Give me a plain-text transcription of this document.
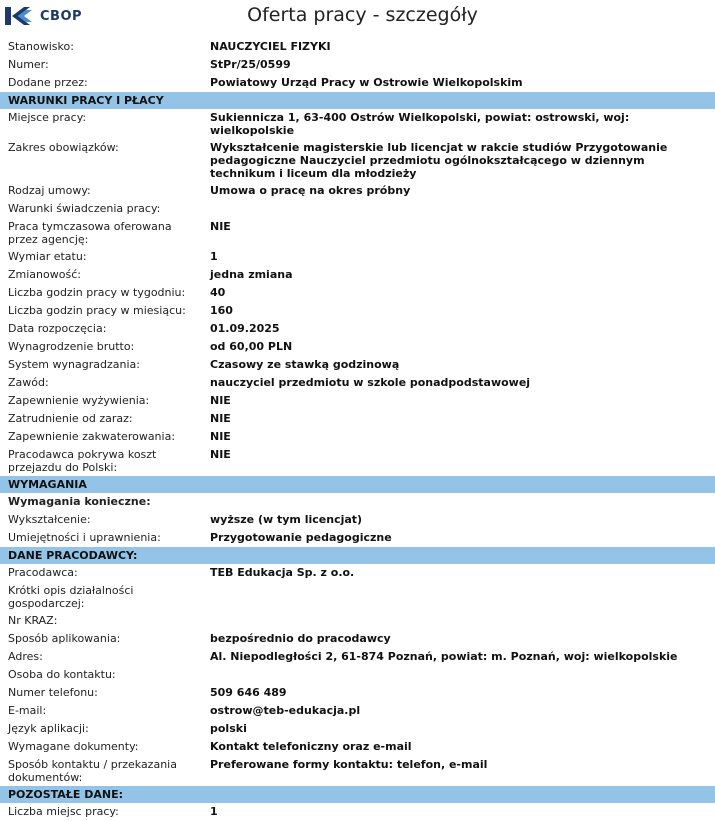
CBOP	Oferta pracy - szczegóły
Stanowisko:	NAUCZYCIEL FIZYKI
Numer:	StPr/25/0599
Dodane przez:	Powiatowy Urząd Pracy w Ostrowie Wielkopolskim
WARUNKI PRACY I PŁACY	
Miejsce pracy:	Sukiennicza 1, 63-400 Ostrów Wielkopolski, powiat: ostrowski, woj: wielkopolskie
Zakres obowiązków:	Wykształcenie magisterskie lub licencjat w rakcie studiów Przygotowanie pedagogiczne Nauczyciel przedmiotu ogólnokształcącego w dziennym technikum i liceum dla młodzieży
Rodzaj umowy:	Umowa o pracę na okres próbny
Warunki świadczenia pracy:	
Praca tymczasowa oferowana przez agencję:	NIE
Wymiar etatu:	1
Zmianowość:	jedna zmiana
Liczba godzin pracy w tygodniu:	40
Liczba godzin pracy w miesiącu:	160
Data rozpoczęcia:	01.09.2025
Wynagrodzenie brutto:	od 60,00 PLN
System wynagradzania:	Czasowy ze stawką godzinową
Zawód:	nauczyciel przedmiotu w szkole ponadpodstawowej
Zapewnienie wyżywienia:	NIE
Zatrudnienie od zaraz:	NIE
Zapewnienie zakwaterowania:	NIE
Pracodawca pokrywa koszt przejazdu do Polski:	NIE
WYMAGANIA	
Wymagania konieczne:	
Wykształcenie:	wyższe (w tym licencjat)
Umiejętności i uprawnienia:	Przygotowanie pedagogiczne
DANE PRACODAWCY:	
Pracodawca:	TEB Edukacja Sp. z o.o.
Krótki opis działalności gospodarczej:	
Nr KRAZ:	
Sposób aplikowania:	bezpośrednio do pracodawcy
Adres:	Al. Niepodległości 2, 61-874 Poznań, powiat: m. Poznań, woj: wielkopolskie
Osoba do kontaktu:	
Numer telefonu:	509 646 489
E-mail:	ostrow@teb-edukacja.pl
Język aplikacji:	polski
Wymagane dokumenty:	Kontakt telefoniczny oraz e-mail
Sposób kontaktu / przekazania dokumentów:	Preferowane formy kontaktu: telefon, e-mail
POZOSTAŁE DANE:	
Liczba miejsc pracy:	1
